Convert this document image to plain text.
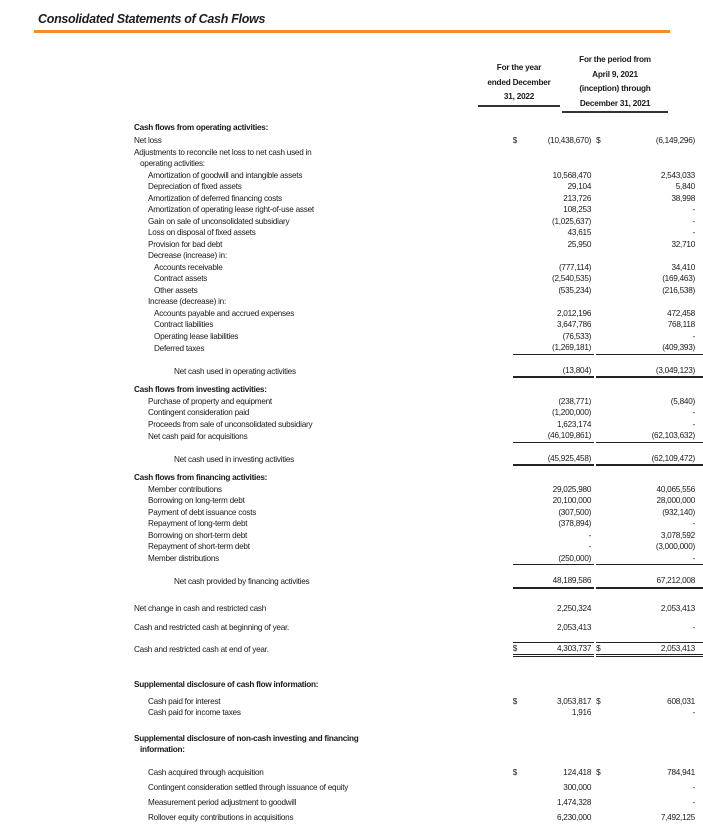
Consolidated Statements of Cash Flows
For the year
ended December
31, 2022
For the period from
April 9, 2021
(inception) through
December 31, 2021
Cash flows from operating activities:		
Net loss	$ (10,438,670)	$ (6,149,296)

Adjustments to reconcile net loss to net cash used in		
operating activities:		
Amortization of goodwill and intangible assets	10,568,470	2,543,033

Depreciation of fixed assets	29,104	5,840

Amortization of deferred financing costs	213,726	38,998

Amortization of operating lease right-of-use asset	108,253	-

Gain on sale of unconsolidated subsidiary	(1,025,637)	-

Loss on disposal of fixed assets	43,615	-

Provision for bad debt	25,950	32,710

Decrease (increase) in:		
Accounts receivable	(777,114)	34,410

Contract assets	(2,540,535)	(169,463)

Other assets	(535,234)	(216,538)

Increase (decrease) in:		
Accounts payable and accrued expenses	2,012,196	472,458

Contract liabilities	3,647,786	768,118

Operating lease liabilities	(76,533)	-

Deferred taxes	(1,269,181)	(409,393)

Net cash used in operating activities	(13,804)	(3,049,123)

Cash flows from investing activities:		
Purchase of property and equipment	(238,771)	(5,840)

Contingent consideration paid	(1,200,000)	-

Proceeds from sale of unconsolidated subsidiary	1,623,174	-

Net cash paid for acquisitions	(46,109,861)	(62,103,632)

Net cash used in investing activities	(45,925,458)	(62,109,472)

Cash flows from financing activities:		
Member contributions	29,025,980	40,065,556

Borrowing on long-term debt	20,100,000	28,000,000

Payment of debt issuance costs	(307,500)	(932,140)

Repayment of long-term debt	(378,894)	-

Borrowing on short-term debt	-	3,078,592

Repayment of short-term debt	-	(3,000,000)

Member distributions	(250,000)	-

Net cash provided by financing activities	48,189,586	67,212,008

Net change in cash and restricted cash	2,250,324	2,053,413

Cash and restricted cash at beginning of year.	2,053,413	-

Cash and restricted cash at end of year.	$ 4,303,737	$ 2,053,413

Supplemental disclosure of cash flow information:		
Cash paid for interest	$ 3,053,817	$ 608,031

Cash paid for income taxes	1,916	-

Supplemental disclosure of non-cash investing and financing		
information:		
Cash acquired through acquisition	$ 124,418	$ 784,941

Contingent consideration settled through issuance of equity	300,000	-

Measurement period adjustment to goodwill	1,474,328	-

Rollover equity contributions in acquisitions	6,230,000	7,492,125
